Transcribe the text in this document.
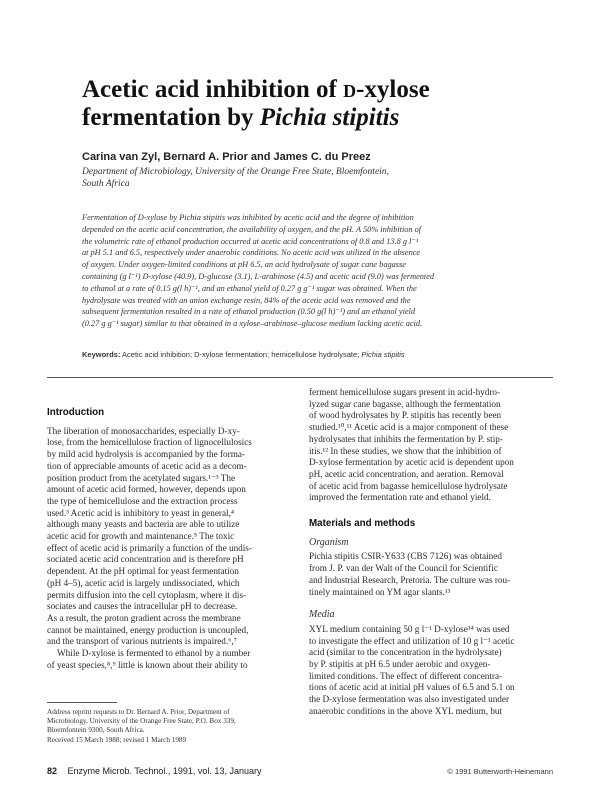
Acetic acid inhibition of d-xylose
fermentation by Pichia stipitis
Carina van Zyl, Bernard A. Prior and James C. du Preez
Department of Microbiology, University of the Orange Free State, Bloemfontein,
South Africa
Fermentation of D-xylose by Pichia stipitis was inhibited by acetic acid and the degree of inhibition
depended on the acetic acid concentration, the availability of oxygen, and the pH. A 50% inhibition of
the volumetric rate of ethanol production occurred at acetic acid concentrations of 0.8 and 13.8 g l⁻¹
at pH 5.1 and 6.5, respectively under anaerobic conditions. No acetic acid was utilized in the absence
of oxygen. Under oxygen-limited conditions at pH 6.5, an acid hydrolysate of sugar cane bagasse
containing (g l⁻¹) D-xylose (40.9), D-glucose (3.1), L-arabinose (4.5) and acetic acid (9.0) was fermented
to ethanol at a rate of 0.15 g(l h)⁻¹, and an ethanol yield of 0.27 g g⁻¹ sugar was obtained. When the
hydrolysate was treated with an anion exchange resin, 84% of the acetic acid was removed and the
subsequent fermentation resulted in a rate of ethanol production (0.50 g(l h)⁻¹) and an ethanol yield
(0.27 g g⁻¹ sugar) similar to that obtained in a xylose–arabinose–glucose medium lacking acetic acid.
Keywords: Acetic acid inhibition; D-xylose fermentation; hemicellulose hydrolysate; Pichia stipitis
Introduction
The liberation of monosaccharides, especially D-xy-
lose, from the hemicellulose fraction of lignocellulosics
by mild acid hydrolysis is accompanied by the forma-
tion of appreciable amounts of acetic acid as a decom-
position product from the acetylated sugars.¹⁻³ The
amount of acetic acid formed, however, depends upon
the type of hemicellulose and the extraction process
used.³ Acetic acid is inhibitory to yeast in general,⁴
although many yeasts and bacteria are able to utilize
acetic acid for growth and maintenance.⁵ The toxic
effect of acetic acid is primarily a function of the undis-
sociated acetic acid concentration and is therefore pH
dependent. At the pH optimal for yeast fermentation
(pH 4–5), acetic acid is largely undissociated, which
permits diffusion into the cell cytoplasm, where it dis-
sociates and causes the intracellular pH to decrease.
As a result, the proton gradient across the membrane
cannot be maintained, energy production is uncoupled,
and the transport of various nutrients is impaired.⁶,⁷
While D-xylose is fermented to ethanol by a number
of yeast species,⁸,⁹ little is known about their ability to
ferment hemicellulose sugars present in acid-hydro-
lyzed sugar cane bagasse, although the fermentation
of wood hydrolysates by P. stipitis has recently been
studied.¹⁰,¹¹ Acetic acid is a major component of these
hydrolysates that inhibits the fermentation by P. stip-
itis.¹² In these studies, we show that the inhibition of
D-xylose fermentation by acetic acid is dependent upon
pH, acetic acid concentration, and aeration. Removal
of acetic acid from bagasse hemicellulose hydrolysate
improved the fermentation rate and ethanol yield.
Materials and methods
Organism
Pichia stipitis CSIR-Y633 (CBS 7126) was obtained
from J. P. van der Walt of the Council for Scientific
and Industrial Research, Pretoria. The culture was rou-
tinely maintained on YM agar slants.¹³
Media
XYL medium containing 50 g l⁻¹ D-xylose¹⁴ was used
to investigate the effect and utilization of 10 g l⁻¹ acetic
acid (similar to the concentration in the hydrolysate)
by P. stipitis at pH 6.5 under aerobic and oxygen-
limited conditions. The effect of different concentra-
tions of acetic acid at initial pH values of 6.5 and 5.1 on
the D-xylose fermentation was also investigated under
anaerobic conditions in the above XYL medium, but
Address reprint requests to Dr. Bernard A. Prior, Department of
Microbiology, University of the Orange Free State, P.O. Box 339,
Bloemfontein 9300, South Africa.
Received 15 March 1988; revised 1 March 1989
82 Enzyme Microb. Technol., 1991, vol. 13, January	© 1991 Butterworth-Heinemann
